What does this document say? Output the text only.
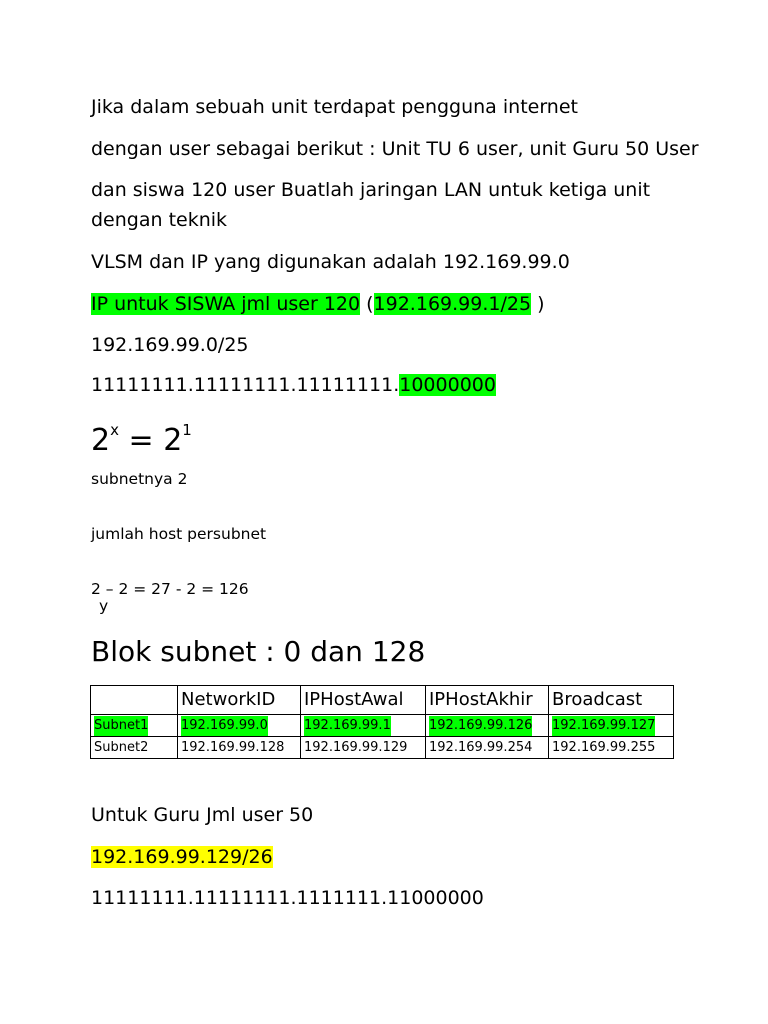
Jika dalam sebuah unit terdapat pengguna internet
dengan user sebagai berikut : Unit TU 6 user, unit Guru 50 User
dan siswa 120 user Buatlah jaringan LAN untuk ketiga unit
dengan teknik
VLSM dan IP yang digunakan adalah 192.169.99.0
IP untuk SISWA jml user 120 (192.169.99.1/25 )
192.169.99.0/25
11111111.11111111.11111111.10000000
$2^x = 2^1$
subnetnya 2
jumlah host persubnet
2 – 2 = 27 - 2 = 126
y
Blok subnet : 0 dan 128
	NetworkID	IPHostAwal	IPHostAkhir	Broadcast
Subnet1	192.169.99.0	192.169.99.1	192.169.99.126	192.169.99.127
Subnet2	192.169.99.128	192.169.99.129	192.169.99.254	192.169.99.255
Untuk Guru Jml user 50
192.169.99.129/26
11111111.11111111.1111111.11000000
